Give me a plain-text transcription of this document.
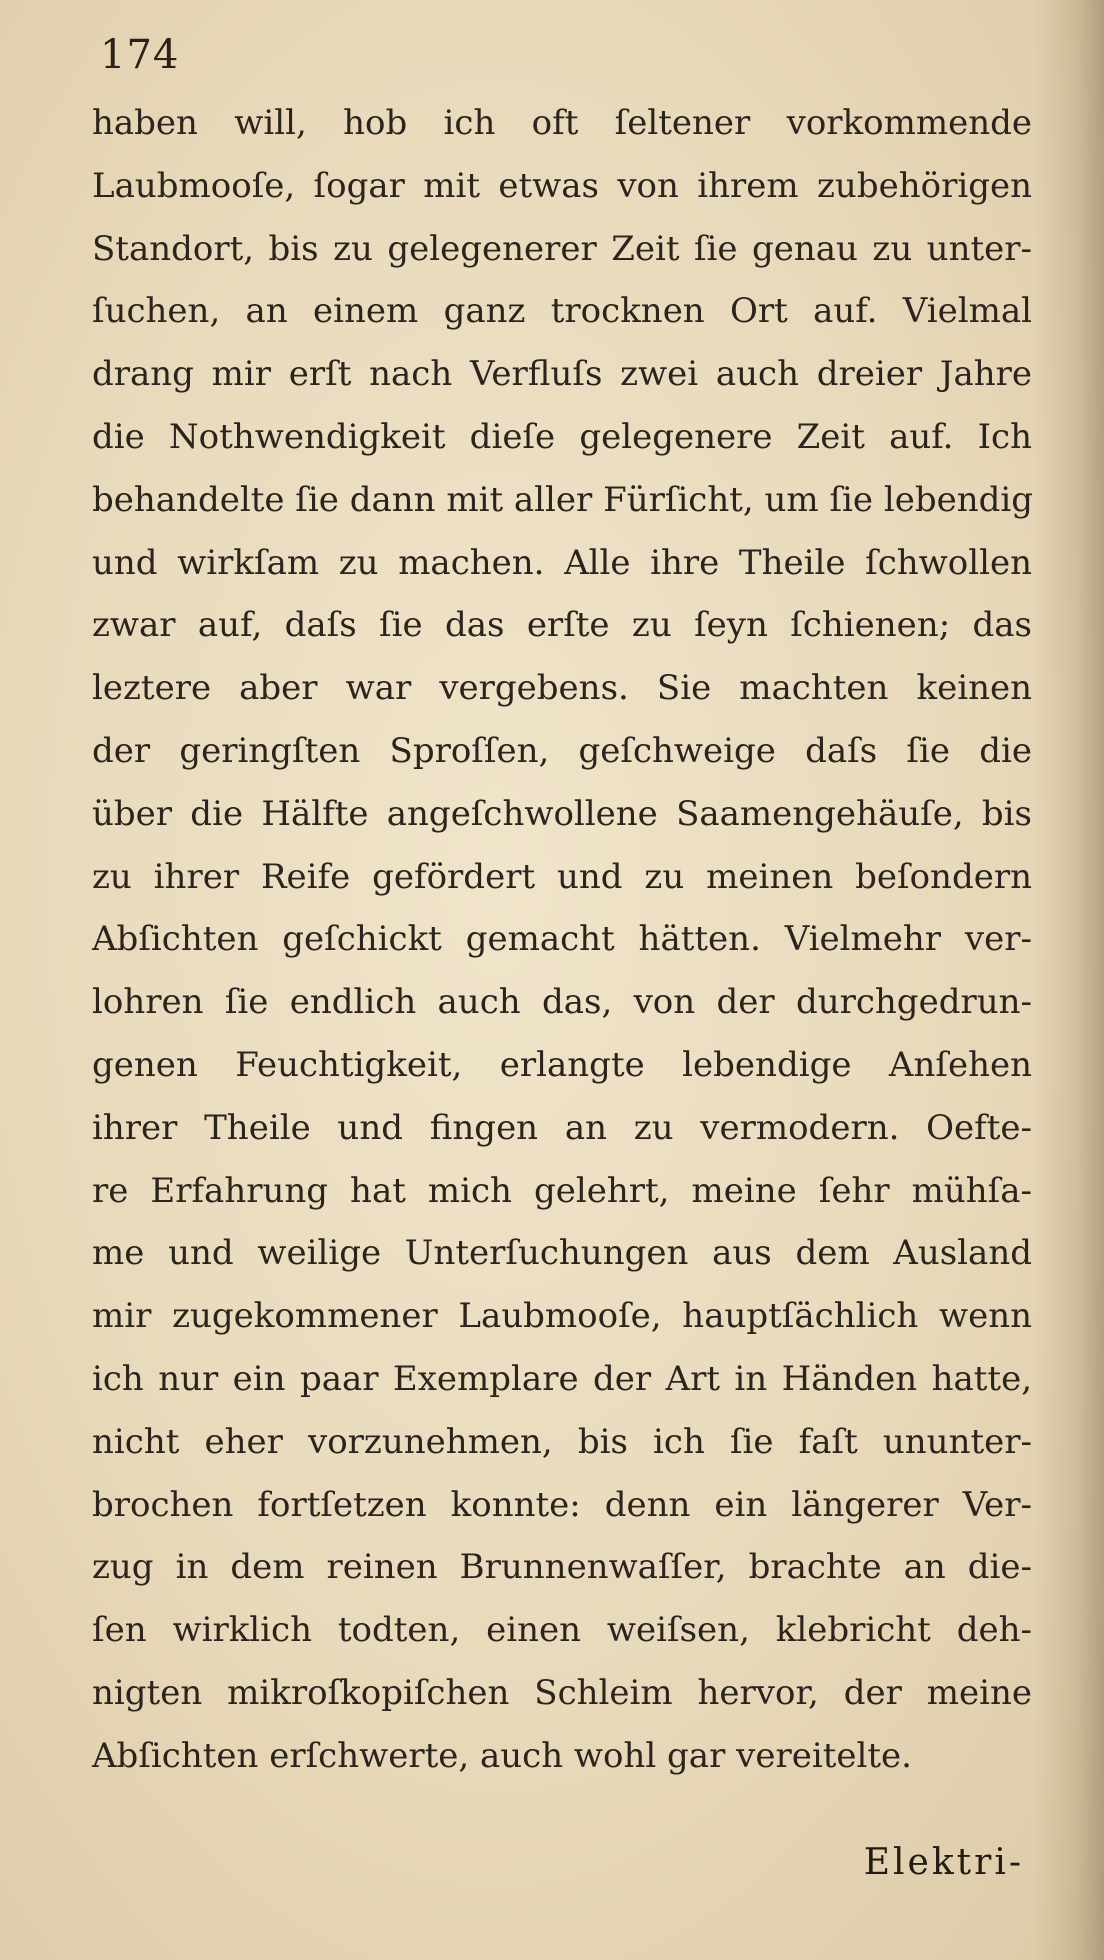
174

haben will, hob ich oft ſeltener vorkommende
Laubmooſe, ſogar mit etwas von ihrem zubehörigen
Standort, bis zu gelegenerer Zeit ſie genau zu unter-
ſuchen, an einem ganz trocknen Ort auf. Vielmal
drang mir erſt nach Verfluſs zwei auch dreier Jahre
die Nothwendigkeit dieſe gelegenere Zeit auf. Ich
behandelte ſie dann mit aller Fürſicht, um ſie lebendig
und wirkſam zu machen. Alle ihre Theile ſchwollen
zwar auf, daſs ſie das erſte zu ſeyn ſchienen; das
leztere aber war vergebens. Sie machten keinen
der geringſten Sproſſen, geſchweige daſs ſie die
über die Hälfte angeſchwollene Saamengehäuſe, bis
zu ihrer Reife gefördert und zu meinen beſondern
Abſichten geſchickt gemacht hätten. Vielmehr ver-
lohren ſie endlich auch das, von der durchgedrun-
genen Feuchtigkeit, erlangte lebendige Anſehen
ihrer Theile und fingen an zu vermodern. Oefte-
re Erfahrung hat mich gelehrt, meine ſehr mühſa-
me und weilige Unterſuchungen aus dem Ausland
mir zugekommener Laubmooſe, hauptſächlich wenn
ich nur ein paar Exemplare der Art in Händen hatte,
nicht eher vorzunehmen, bis ich ſie faſt ununter-
brochen fortſetzen konnte: denn ein längerer Ver-
zug in dem reinen Brunnenwaſſer, brachte an die-
ſen wirklich todten, einen weiſsen, klebricht deh-
nigten mikroſkopiſchen Schleim hervor, der meine
Abſichten erſchwerte, auch wohl gar vereitelte.

Elektri-
